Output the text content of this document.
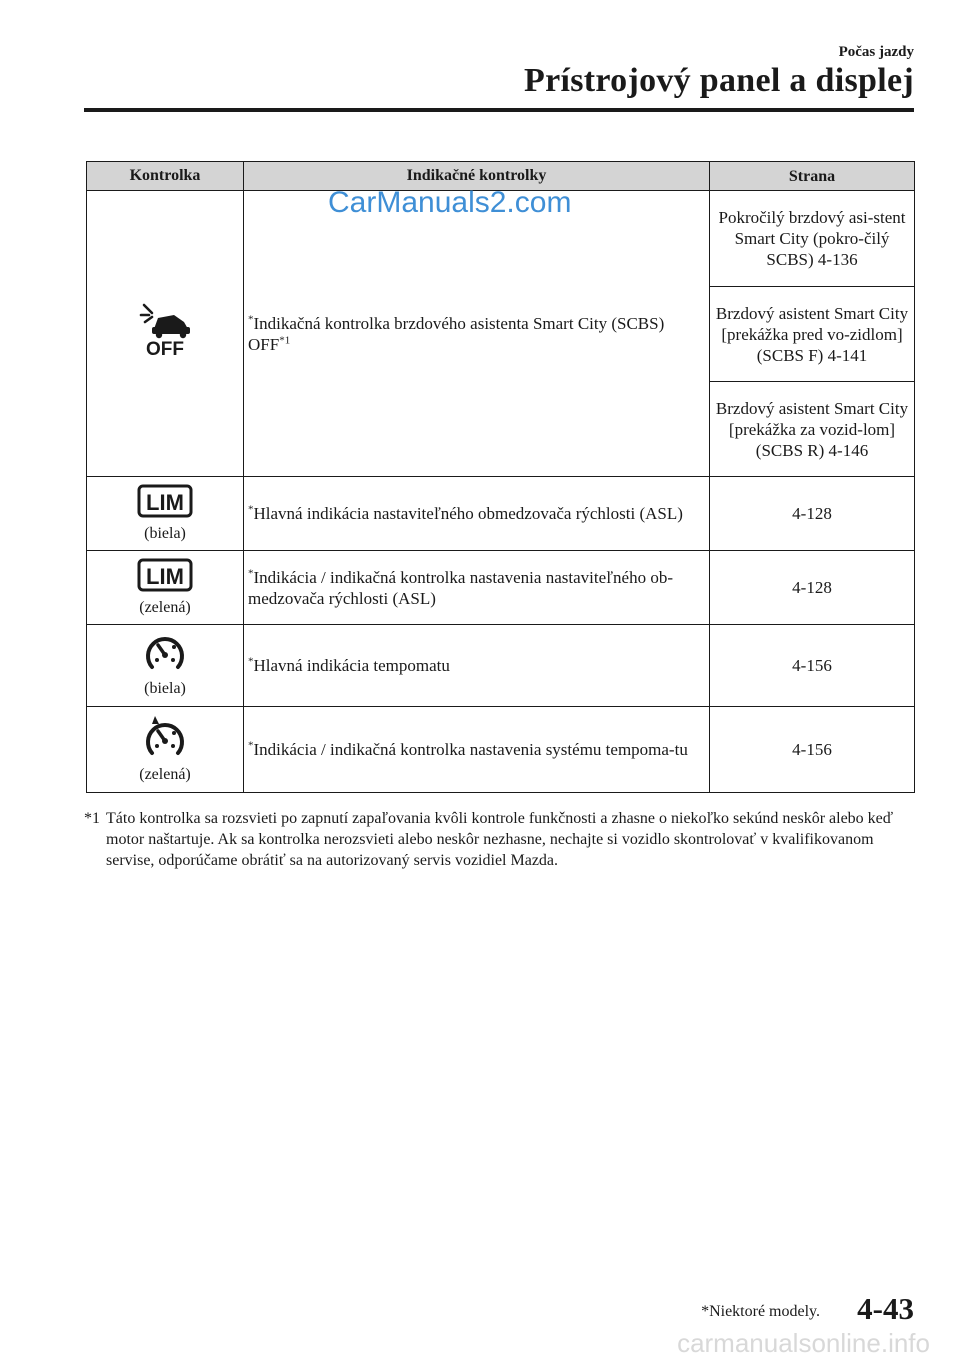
Počas jazdy
Prístrojový panel a displej
Kontrolka	Indikačné kontrolky	Strana

OFF	*Indikačná kontrolka brzdového asistenta Smart City (SCBS) OFF$^{*1}$	Pokročilý brzdový asi-stent Smart City (pokro-čilý SCBS) 4-136
		Brzdový asistent Smart City [prekážka pred vo-zidlom] (SCBS F) 4-141
		Brzdový asistent Smart City [prekážka za vozid-lom] (SCBS R) 4-146

LIM
(biela)	*Hlavná indikácia nastaviteľného obmedzovača rýchlosti (ASL)	4-128

LIM
(zelená)	*Indikácia / indikačná kontrolka nastavenia nastaviteľného ob-medzovača rýchlosti (ASL)	4-128

(biela)	*Hlavná indikácia tempomatu	4-156

(zelená)	*Indikácia / indikačná kontrolka nastavenia systému tempoma-tu	4-156
CarManuals2.com
*1 Táto kontrolka sa rozsvieti po zapnutí zapaľovania kvôli kontrole funkčnosti a zhasne o niekoľko sekúnd neskôr alebo keď motor naštartuje. Ak sa kontrolka nerozsvieti alebo neskôr nezhasne, nechajte si vozidlo skontrolovať v kvalifikovanom servise, odporúčame obrátiť sa na autorizovaný servis vozidiel Mazda.
*Niektoré modely. 4-43
carmanualsonline.info
